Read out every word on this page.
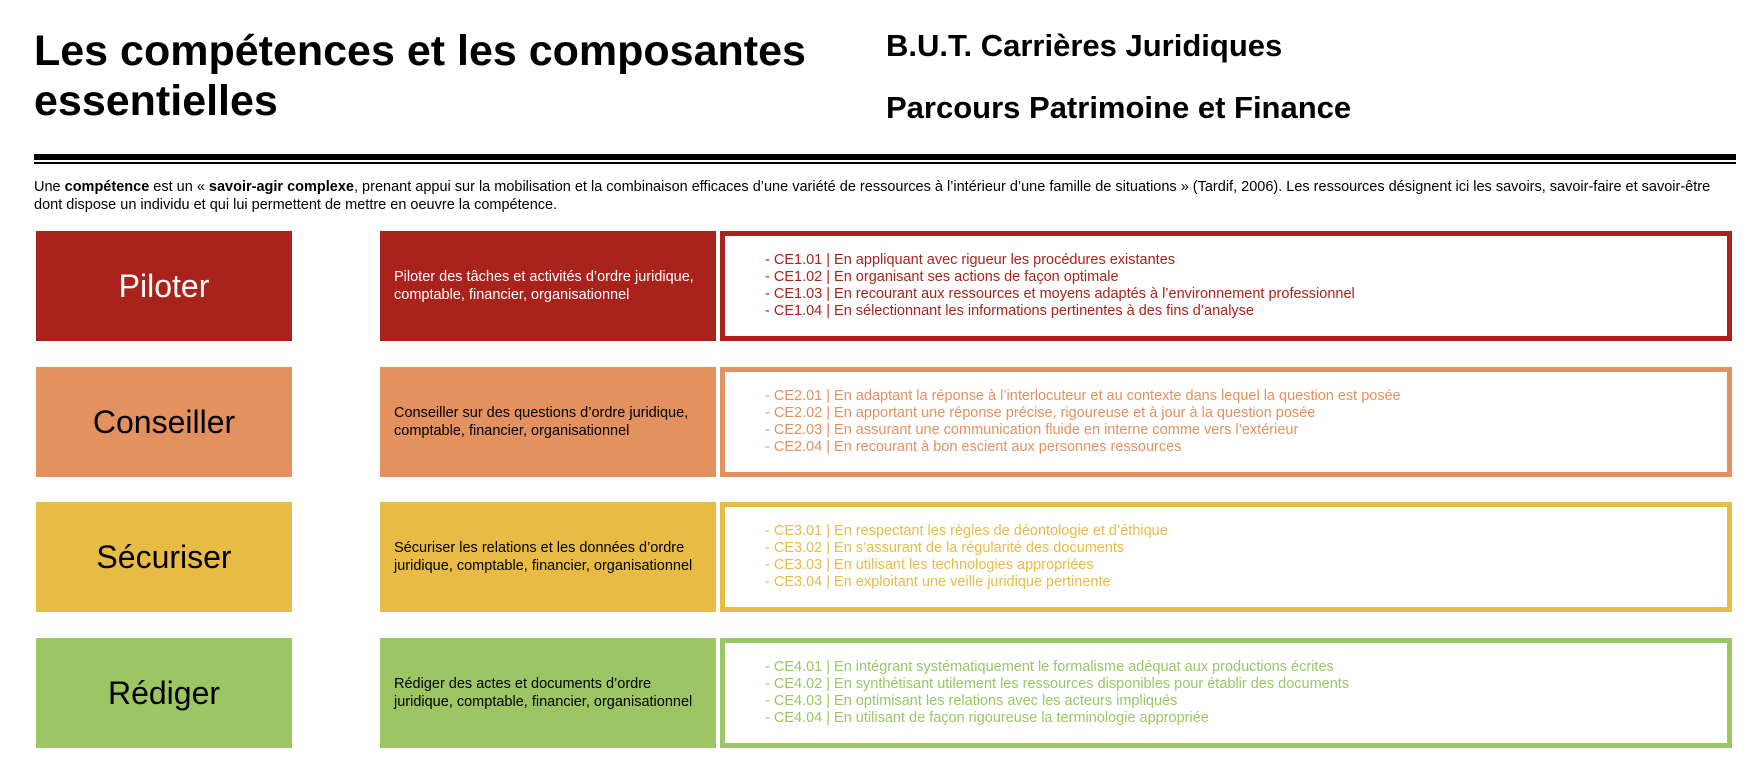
Les compétences et les composantes essentielles
B.U.T. Carrières Juridiques
Parcours Patrimoine et Finance
Une compétence est un « savoir-agir complexe, prenant appui sur la mobilisation et la combinaison efficaces d’une variété de ressources à l’intérieur d’une famille de situations » (Tardif, 2006). Les ressources désignent ici les savoirs, savoir-faire et savoir-être dont dispose un individu et qui lui permettent de mettre en oeuvre la compétence.
Piloter	Piloter des tâches et activités d’ordre juridique, comptable, financier, organisationnel
- CE1.01 | En appliquant avec rigueur les procédures existantes
- CE1.02 | En organisant ses actions de façon optimale
- CE1.03 | En recourant aux ressources et moyens adaptés à l’environnement professionnel
- CE1.04 | En sélectionnant les informations pertinentes à des fins d’analyse
Conseiller	Conseiller sur des questions d’ordre juridique, comptable, financier, organisationnel
- CE2.01 | En adaptant la réponse à l’interlocuteur et au contexte dans lequel la question est posée
- CE2.02 | En apportant une réponse précise, rigoureuse et à jour à la question posée
- CE2.03 | En assurant une communication fluide en interne comme vers l’extérieur
- CE2.04 | En recourant à bon escient aux personnes ressources
Sécuriser	Sécuriser les relations et les données d’ordre juridique, comptable, financier, organisationnel
- CE3.01 | En respectant les règles de déontologie et d’éthique
- CE3.02 | En s’assurant de la régularité des documents
- CE3.03 | En utilisant les technologies appropriées
- CE3.04 | En exploitant une veille juridique pertinente
Rédiger	Rédiger des actes et documents d’ordre juridique, comptable, financier, organisationnel
- CE4.01 | En intégrant systématiquement le formalisme adéquat aux productions écrites
- CE4.02 | En synthétisant utilement les ressources disponibles pour établir des documents
- CE4.03 | En optimisant les relations avec les acteurs impliqués
- CE4.04 | En utilisant de façon rigoureuse la terminologie appropriée
